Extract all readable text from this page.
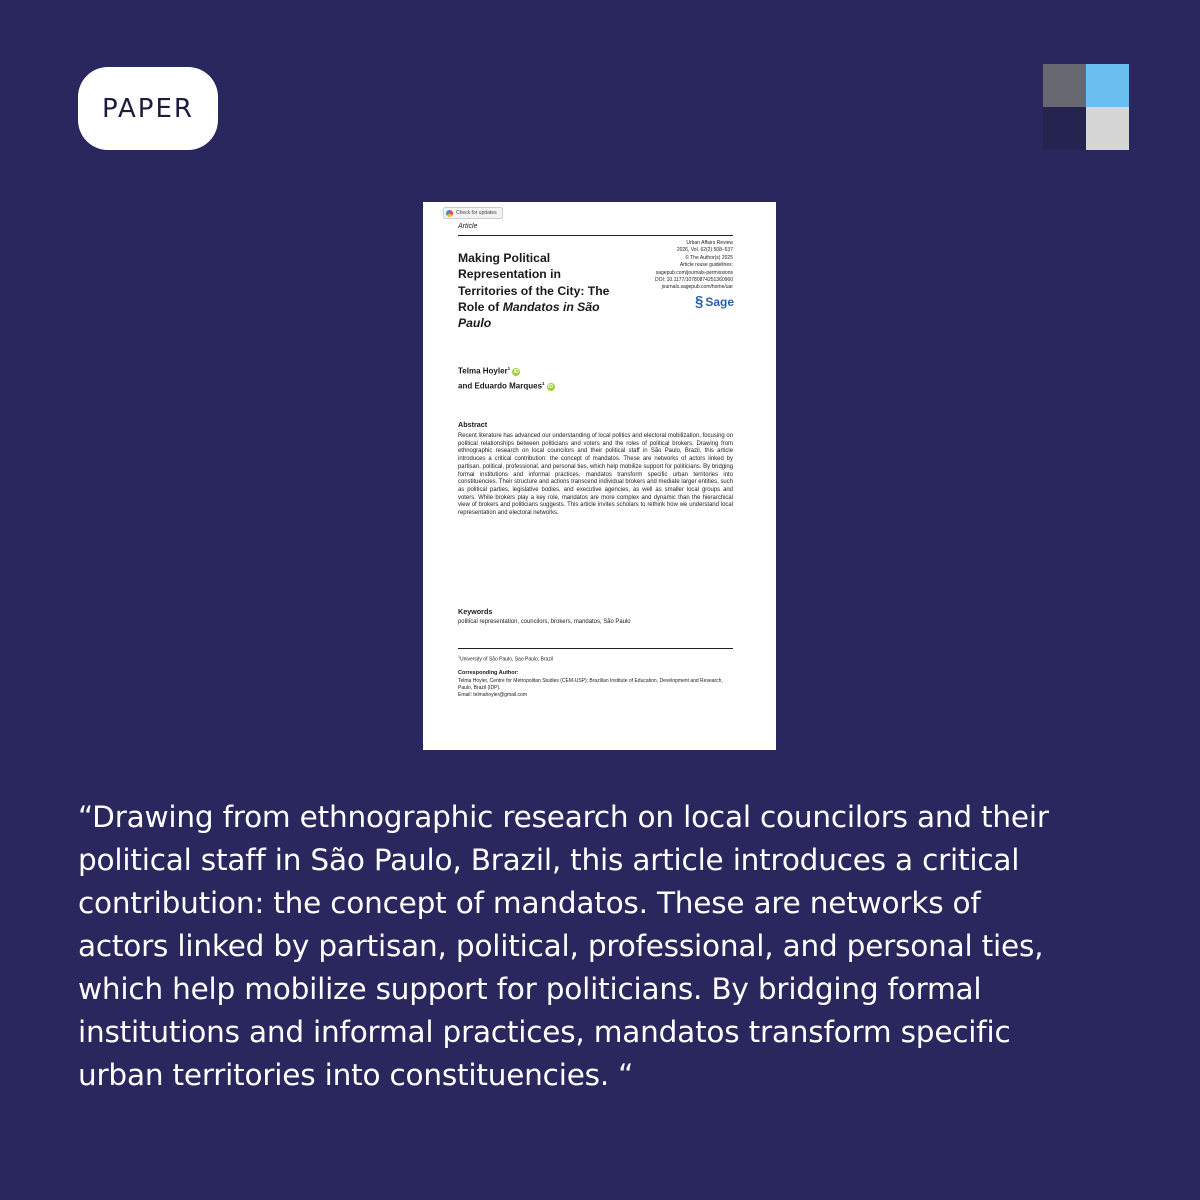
PAPER
Check for updates
Article
Making Political Representation in Territories of the City: The Role of Mandatos in São Paulo
Urban Affairs Review
2026, Vol. 62(2) 508–537
© The Author(s) 2025
Article reuse guidelines:
sagepub.com/journals-permissions
DOI: 10.1177/10780874251360960
journals.sagepub.com/home/uar
§ Sage
Telma Hoyler$^1$iD
and Eduardo Marques$^1$iD
Abstract
Recent literature has advanced our understanding of local politics and electoral mobilization, focusing on political relationships between politicians and voters and the roles of political brokers. Drawing from ethnographic research on local councilors and their political staff in São Paulo, Brazil, this article introduces a critical contribution: the concept of mandatos. These are networks of actors linked by partisan, political, professional, and personal ties, which help mobilize support for politicians. By bridging formal institutions and informal practices, mandatos transform specific urban territories into constituencies. Their structure and actions transcend individual brokers and mediate larger entities, such as political parties, legislative bodies, and executive agencies, as well as smaller local groups and voters. While brokers play a key role, mandatos are more complex and dynamic than the hierarchical view of brokers and politicians suggests. This article invites scholars to rethink how we understand local representation and electoral networks.
Keywords
political representation, councilors, brokers, mandatos, São Paulo
$^1$University of São Paulo, Sao Paulo, Brazil
Corresponding Author:
Telma Hoyler, Centre for Metropolitan Studies (CEM-USP); Brazilian Institute of Education, Development and Research, Paulo, Brazil (IDP).
Email: telmahoyler@gmail.com
“Drawing from ethnographic research on local councilors and their political staff in São Paulo, Brazil, this article introduces a critical contribution: the concept of mandatos. These are networks of actors linked by partisan, political, professional, and personal ties, which help mobilize support for politicians. By bridging formal institutions and informal practices, mandatos transform specific urban territories into constituencies. “
